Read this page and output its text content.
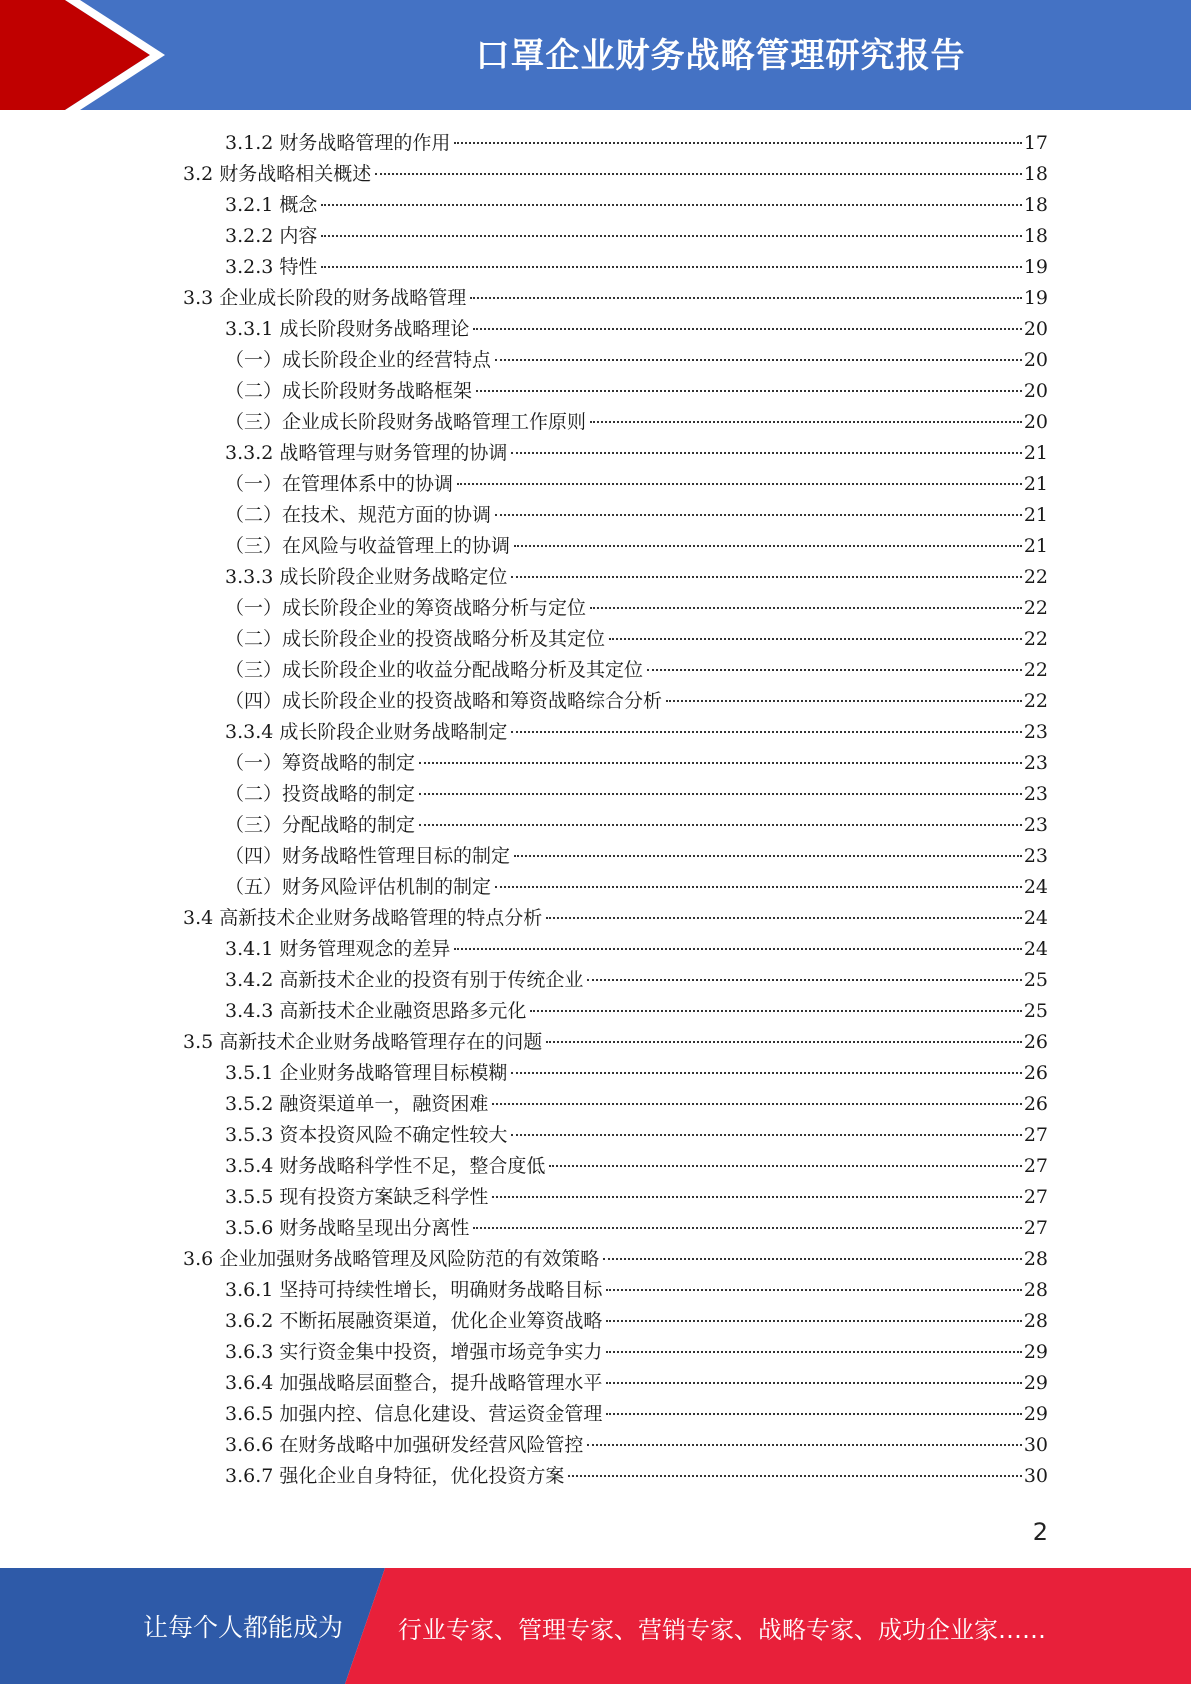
口罩企业财务战略管理研究报告
3.1.2 财务战略管理的作用	17
3.2 财务战略相关概述	18
3.2.1 概念	18
3.2.2 内容	18
3.2.3 特性	19
3.3 企业成长阶段的财务战略管理	19
3.3.1 成长阶段财务战略理论	20
（一）成长阶段企业的经营特点	20
（二）成长阶段财务战略框架	20
（三）企业成长阶段财务战略管理工作原则	20
3.3.2 战略管理与财务管理的协调	21
（一）在管理体系中的协调	21
（二）在技术、规范方面的协调	21
（三）在风险与收益管理上的协调	21
3.3.3 成长阶段企业财务战略定位	22
（一）成长阶段企业的筹资战略分析与定位	22
（二）成长阶段企业的投资战略分析及其定位	22
（三）成长阶段企业的收益分配战略分析及其定位	22
（四）成长阶段企业的投资战略和筹资战略综合分析	22
3.3.4 成长阶段企业财务战略制定	23
（一）筹资战略的制定	23
（二）投资战略的制定	23
（三）分配战略的制定	23
（四）财务战略性管理目标的制定	23
（五）财务风险评估机制的制定	24
3.4 高新技术企业财务战略管理的特点分析	24
3.4.1 财务管理观念的差异	24
3.4.2 高新技术企业的投资有别于传统企业	25
3.4.3 高新技术企业融资思路多元化	25
3.5 高新技术企业财务战略管理存在的问题	26
3.5.1 企业财务战略管理目标模糊	26
3.5.2 融资渠道单一，融资困难	26
3.5.3 资本投资风险不确定性较大	27
3.5.4 财务战略科学性不足，整合度低	27
3.5.5 现有投资方案缺乏科学性	27
3.5.6 财务战略呈现出分离性	27
3.6 企业加强财务战略管理及风险防范的有效策略	28
3.6.1 坚持可持续性增长，明确财务战略目标	28
3.6.2 不断拓展融资渠道，优化企业筹资战略	28
3.6.3 实行资金集中投资，增强市场竞争实力	29
3.6.4 加强战略层面整合，提升战略管理水平	29
3.6.5 加强内控、信息化建设、营运资金管理	29
3.6.6 在财务战略中加强研发经营风险管控	30
3.6.7 强化企业自身特征，优化投资方案	30
2
让每个人都能成为 行业专家、管理专家、营销专家、战略专家、成功企业家……
